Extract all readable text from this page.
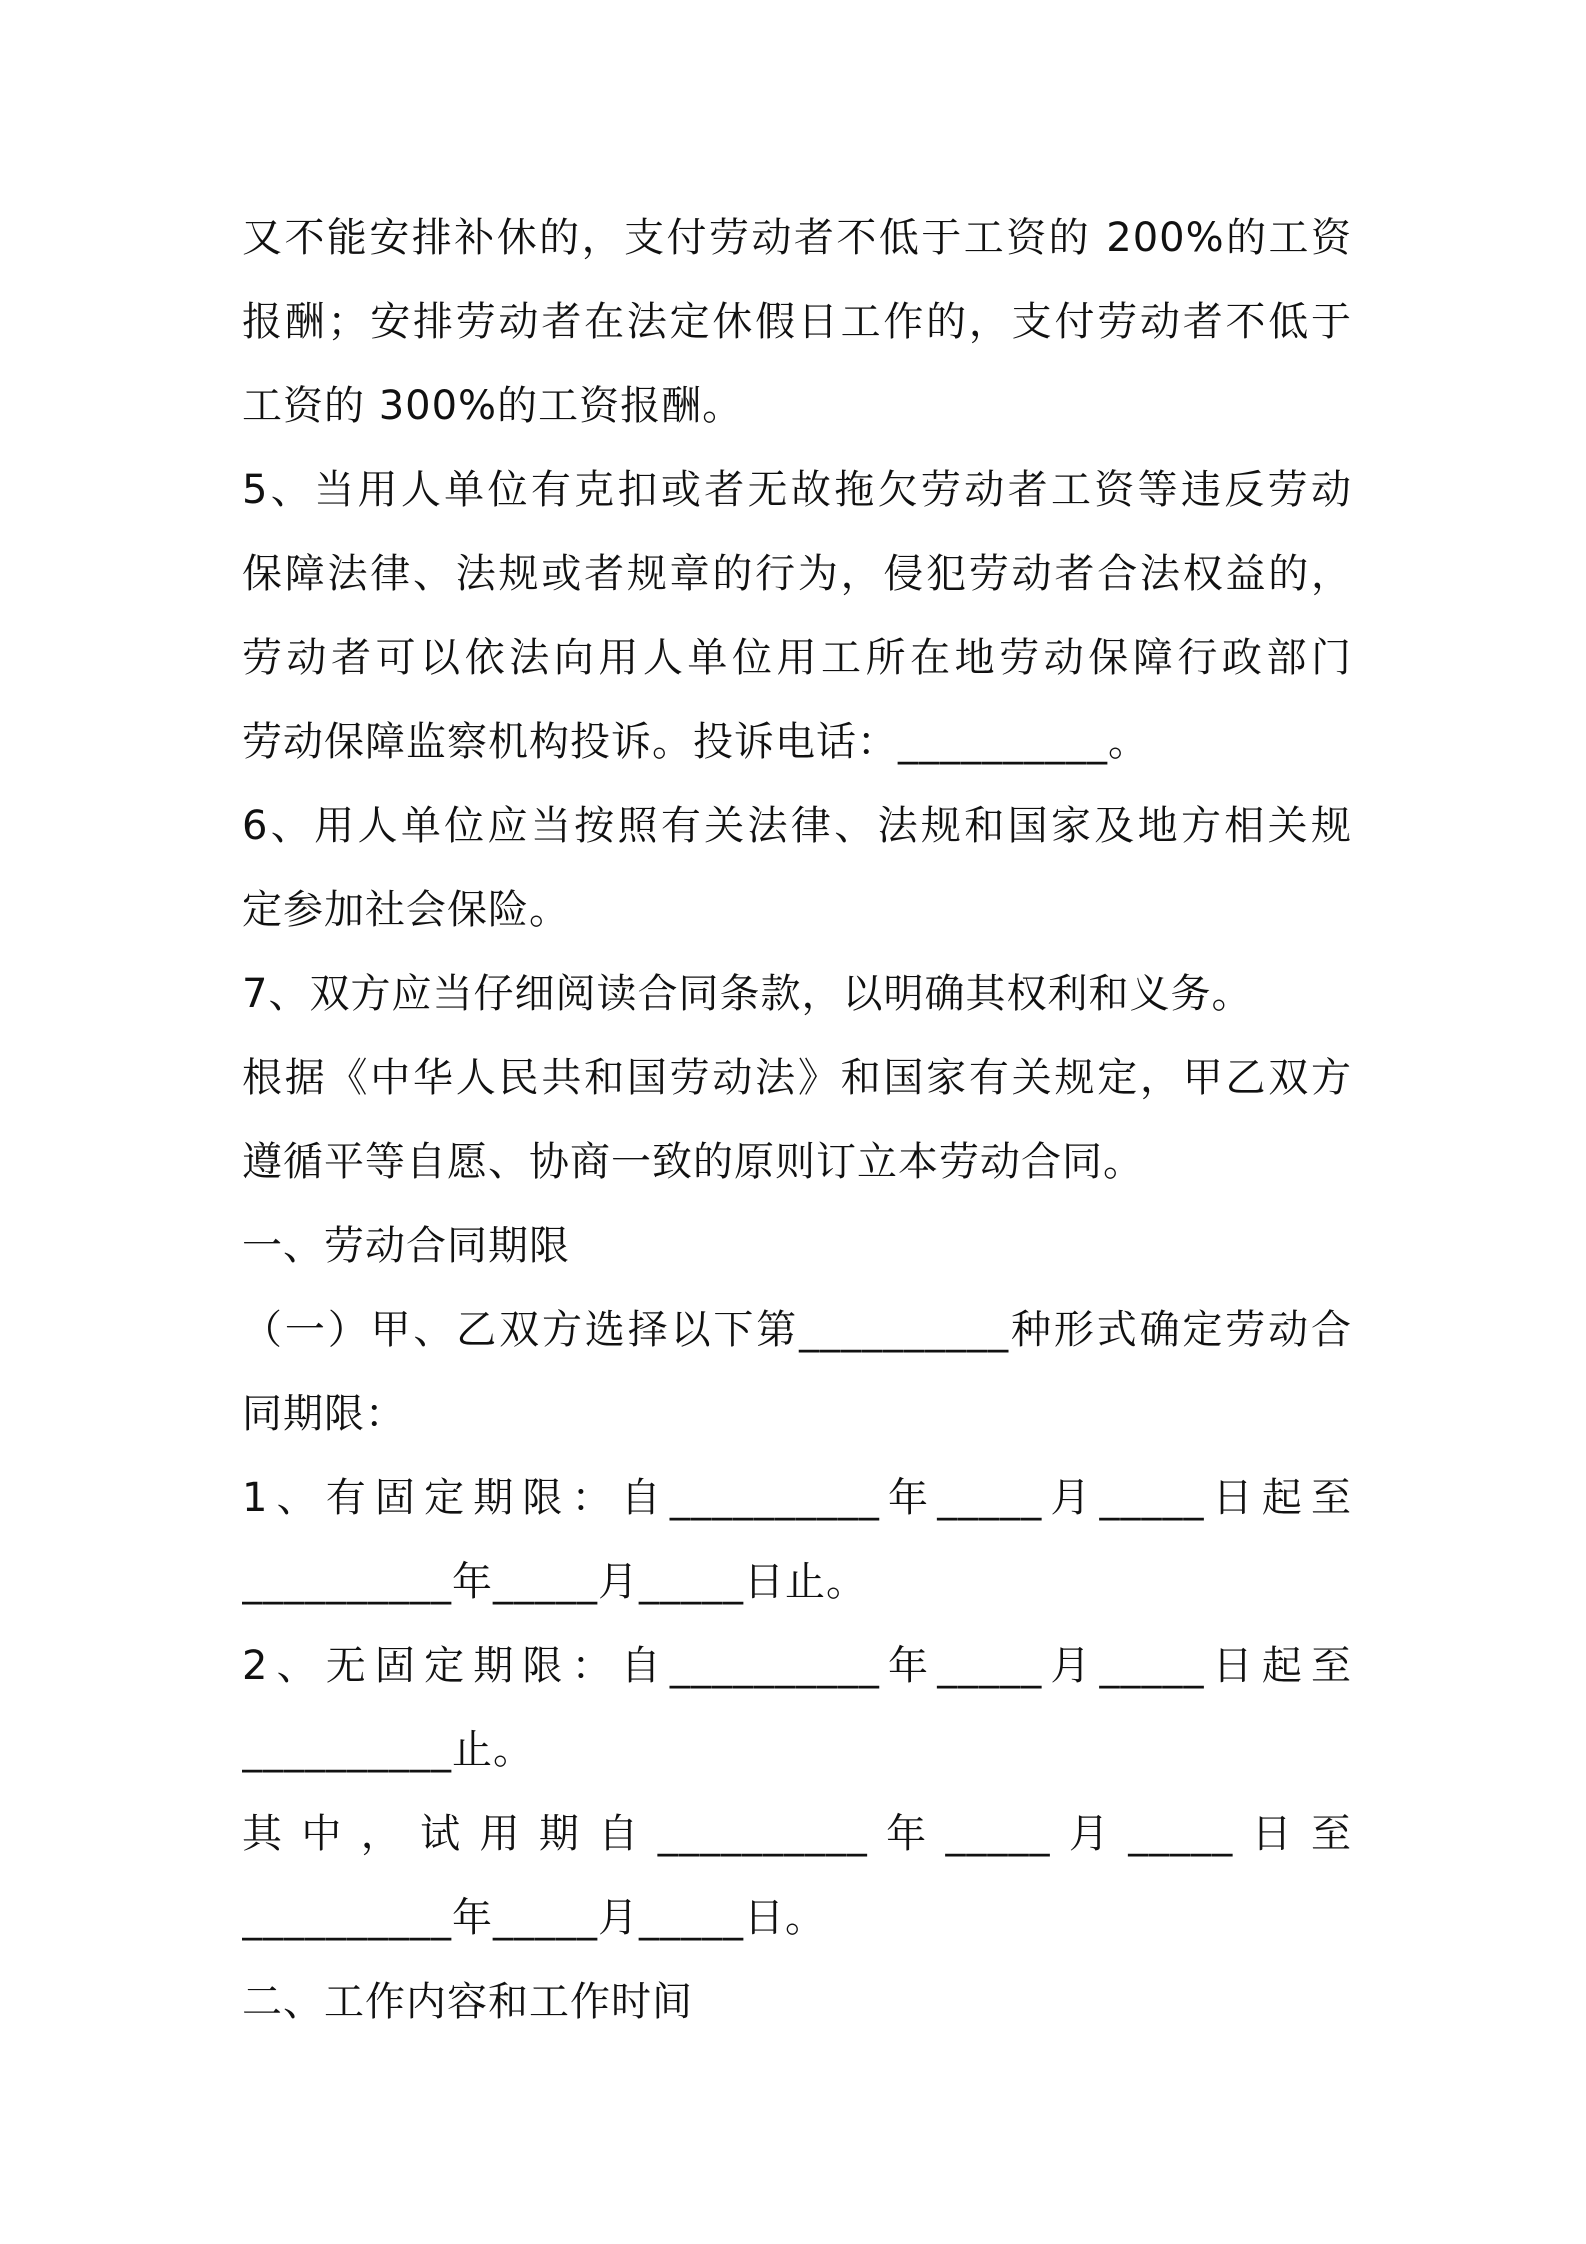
又不能安排补休的，支付劳动者不低于工资的 200%的工资
报酬；安排劳动者在法定休假日工作的，支付劳动者不低于
工资的 300%的工资报酬。
5、当用人单位有克扣或者无故拖欠劳动者工资等违反劳动
保障法律、法规或者规章的行为，侵犯劳动者合法权益的，
劳动者可以依法向用人单位用工所在地劳动保障行政部门
劳动保障监察机构投诉。投诉电话：__________。
6、用人单位应当按照有关法律、法规和国家及地方相关规
定参加社会保险。
7、双方应当仔细阅读合同条款，以明确其权利和义务。
根据《中华人民共和国劳动法》和国家有关规定，甲乙双方
遵循平等自愿、协商一致的原则订立本劳动合同。
一、劳动合同期限
（一）甲、乙双方选择以下第__________种形式确定劳动合
同期限：
1、有固定期限：自__________年_____月_____日起至
__________年_____月_____日止。
2、无固定期限：自__________年_____月_____日起至
__________止。
其中，试用期自__________年_____月_____日至
__________年_____月_____日。
二、工作内容和工作时间
